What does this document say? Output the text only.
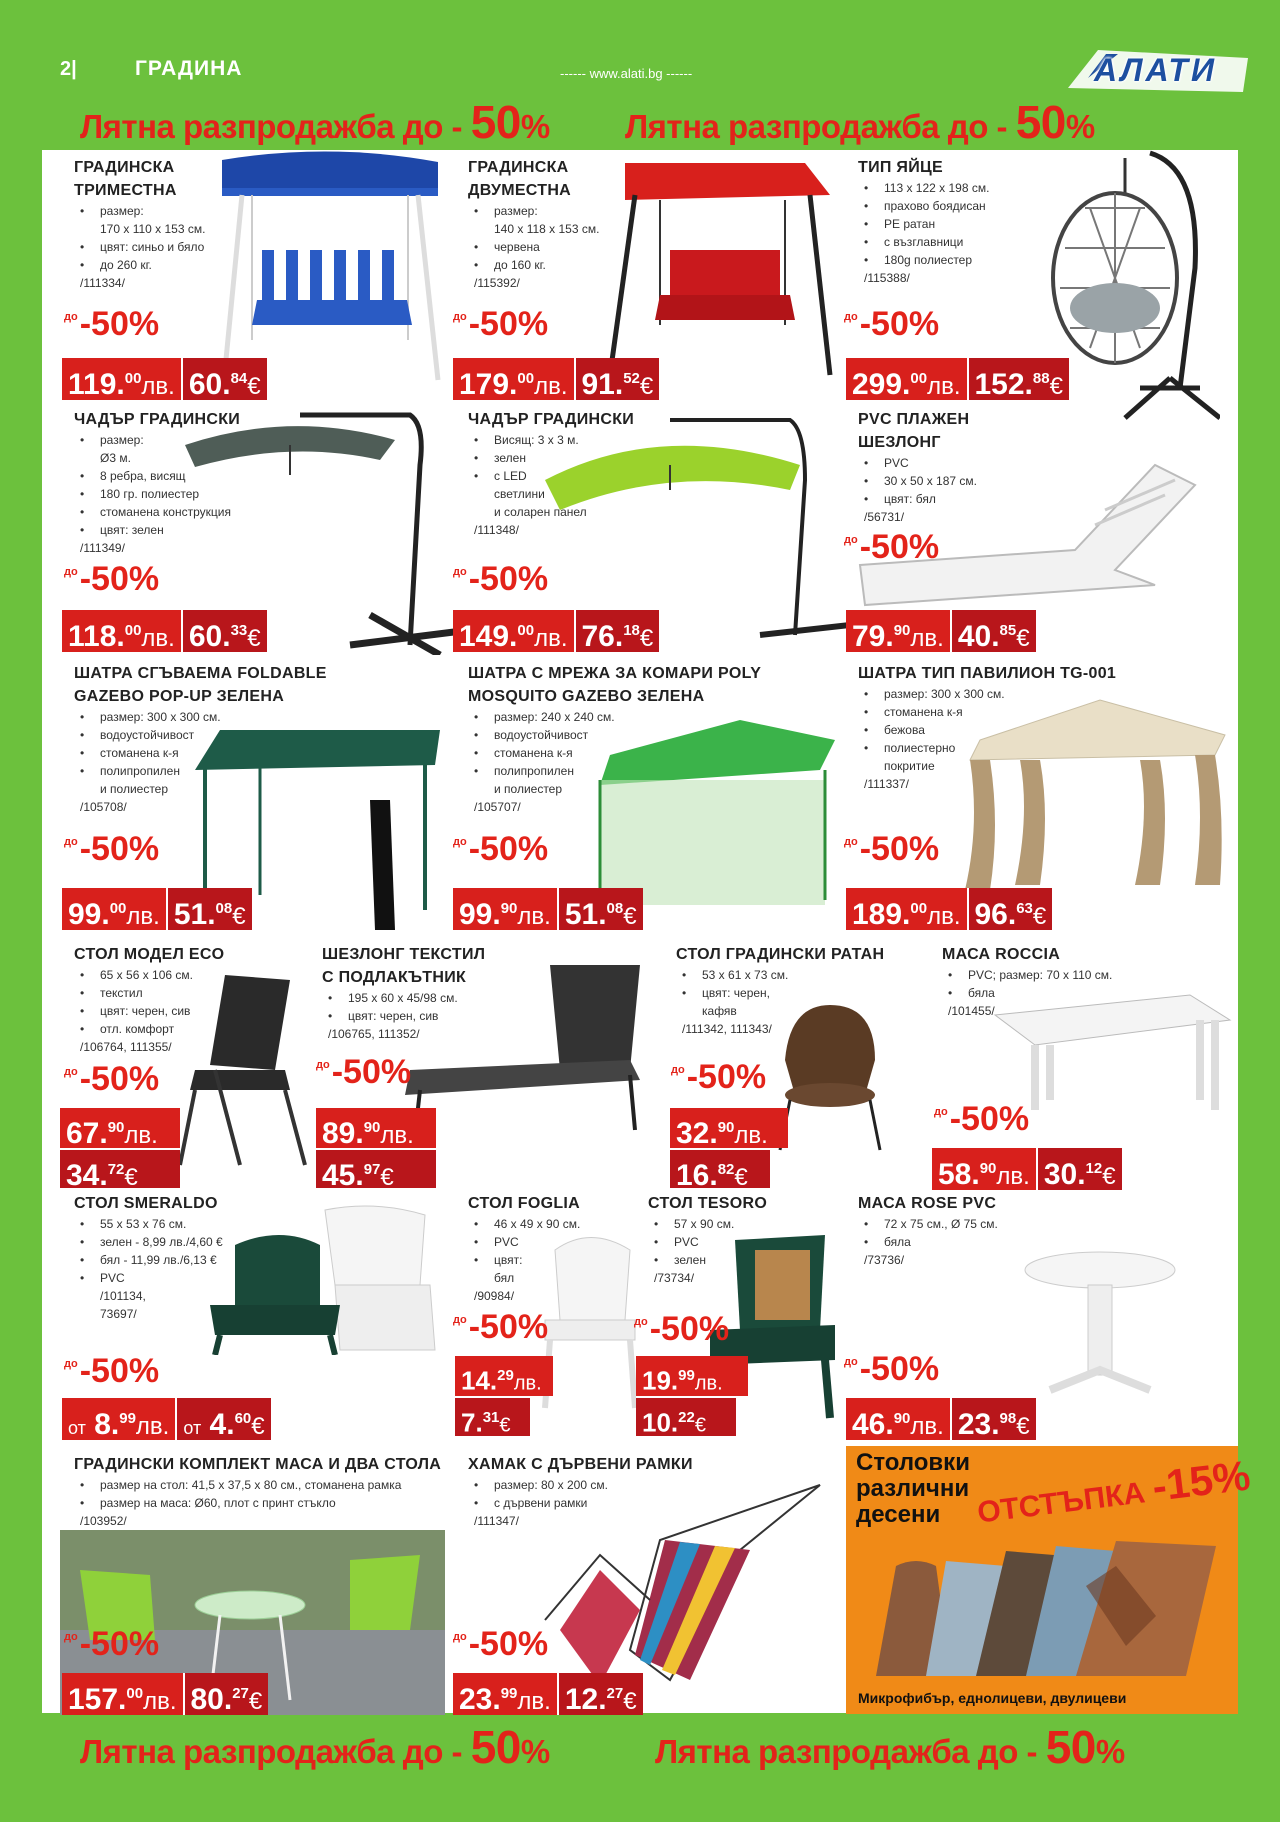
2|	ГРАДИНА	------ www.alati.bg ------	АЛАТИ
Лятна разпродажба до - 50% Лятна разпродажба до - 50%
ГРАДИНСКА
ТРИМЕСТНА
• размер:
170 х 110 х 153 см.
• цвят: синьо и бяло
• до 260 кг.
/111334/
$^{до}$-50%
119.00лв. 60.84€
ГРАДИНСКА
ДВУМЕСТНА
• размер:
140 х 118 х 153 см.
• червена
• до 160 кг.
/115392/
$^{до}$-50%
179.00лв. 91.52€
ТИП ЯЙЦЕ
• 113 х 122 х 198 см.
• прахово боядисан
• PE ратан
• с възглавници
• 180g полиестер
/115388/
$^{до}$-50%
299.00лв. 152.88€
ЧАДЪР ГРАДИНСКИ
• размер:
Ø3 м.
• 8 ребра, висящ
• 180 гр. полиестер
• стоманена конструкция
• цвят: зелен
/111349/
$^{до}$-50%
118.00лв. 60.33€
ЧАДЪР ГРАДИНСКИ
• Висящ: 3 х 3 м.
• зелен
• с LED
светлини
и соларен панел
/111348/
$^{до}$-50%
149.00лв. 76.18€
PVC ПЛАЖЕН
ШЕЗЛОНГ
• PVC
• 30 х 50 х 187 см.
• цвят: бял
/56731/
$^{до}$-50%
79.90лв. 40.85€
ШАТРА СГЪВАЕМА FOLDABLE
GAZEBO POP-UP ЗЕЛЕНА
• размер: 300 х 300 см.
• водоустойчивост
• стоманена к-я
• полипропилен
и полиестер
/105708/
$^{до}$-50%
99.00лв. 51.08€
ШАТРА С МРЕЖА ЗА КОМАРИ POLY
MOSQUITO GAZEBO ЗЕЛЕНА
• размер: 240 х 240 см.
• водоустойчивост
• стоманена к-я
• полипропилен
и полиестер
/105707/
$^{до}$-50%
99.90лв. 51.08€
ШАТРА ТИП ПАВИЛИОН TG-001
• размер: 300 х 300 см.
• стоманена к-я
• бежова
• полиестерно
покритие
/111337/
$^{до}$-50%
189.00лв. 96.63€
СТОЛ МОДЕЛ ECO
• 65 х 56 х 106 см.
• текстил
• цвят: черен, сив
• отл. комфорт
/106764, 111355/
$^{до}$-50%
67.90лв.
34.72€
ШЕЗЛОНГ ТЕКСТИЛ
С ПОДЛАКЪТНИК
• 195 х 60 х 45/98 см.
• цвят: черен, сив
/106765, 111352/
$^{до}$-50%
89.90лв.
45.97€
СТОЛ ГРАДИНСКИ РАТАН
• 53 х 61 х 73 см.
• цвят: черен,
кафяв
/111342, 111343/
$^{до}$-50%
32.90лв.
16.82€
МАСА ROCCIA
• PVC; размер: 70 х 110 см.
• бяла
/101455/
$^{до}$-50%
58.90лв. 30.12€
СТОЛ SMERALDO
• 55 х 53 х 76 см.
• зелен - 8,99 лв./4,60 €
• бял - 11,99 лв./6,13 €
• PVC
/101134,
73697/
$^{до}$-50%
от 8.99лв. от 4.60€
СТОЛ FOGLIA
• 46 х 49 х 90 см.
• PVC
• цвят:
бял
/90984/
$^{до}$-50%
14.29лв.
7.31€
СТОЛ TESORO
• 57 х 90 см.
• PVC
• зелен
/73734/
$^{до}$-50%
19.99лв.
10.22€
МАСА ROSE PVC
• 72 х 75 см., Ø 75 см.
• бяла
/73736/
$^{до}$-50%
46.90лв. 23.98€
ГРАДИНСКИ КОМПЛЕКТ МАСА И ДВА СТОЛА
• размер на стол: 41,5 х 37,5 х 80 см., стоманена рамка
• размер на маса: Ø60, плот с принт стъкло
/103952/
$^{до}$-50%
157.00лв. 80.27€
ХАМАК С ДЪРВЕНИ РАМКИ
• размер: 80 х 200 см.
• с дървени рамки
/111347/
$^{до}$-50%
23.99лв. 12.27€
Столовки различни десени	ОТСТЪПКА -15%
Микрофибър, еднолицеви, двулицеви
Лятна разпродажба до - 50%	Лятна разпродажба до - 50%
